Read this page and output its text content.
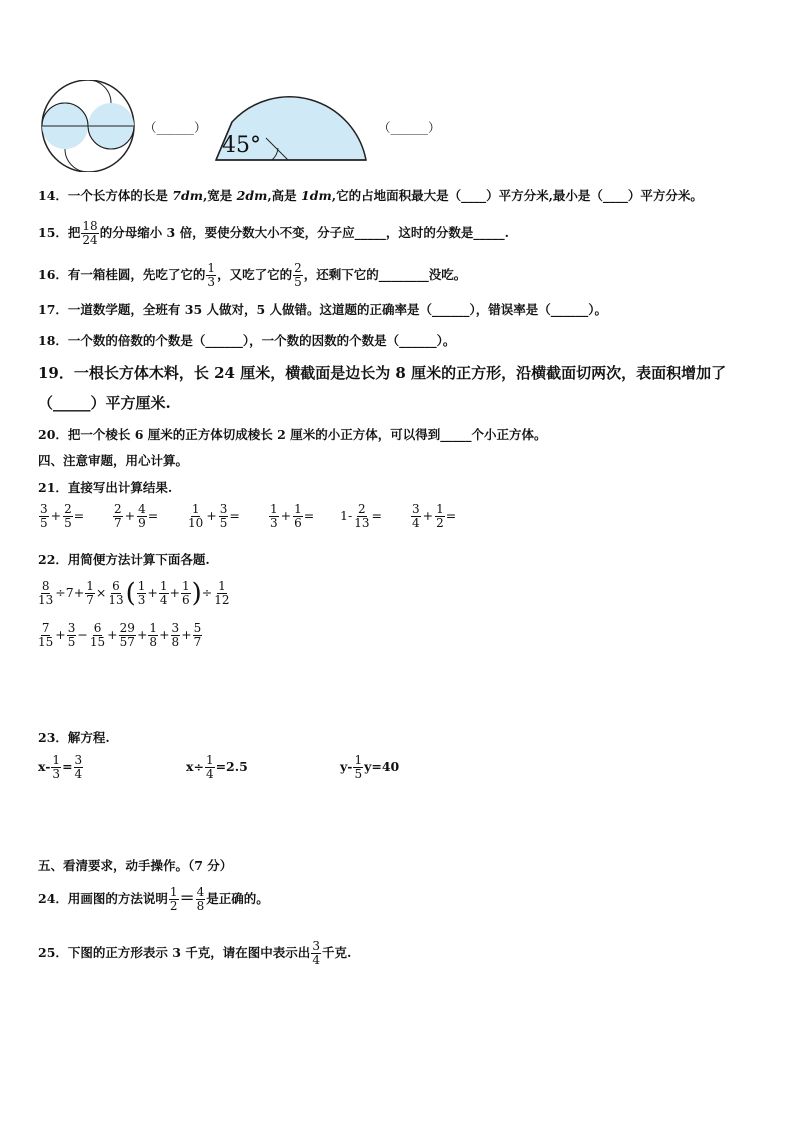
（______）
45°
（______）
14．一个长方体的长是 7dm,宽是 2dm,高是 1dm,它的占地面积最大是（____）平方分米,最小是（____）平方分米。
15．把 $\frac{18}{24}$ 的分母缩小 3 倍，要使分数大小不变，分子应_____，这时的分数是_____.
16．有一箱桂圆，先吃了它的 $\frac{1}{3}$ ，又吃了它的 $\frac{2}{5}$ ，还剩下它的________没吃。
17．一道数学题，全班有 35 人做对，5 人做错。这道题的正确率是（______），错误率是（______）。
18．一个数的倍数的个数是（______），一个数的因数的个数是（______）。
19．一根长方体木料，长 24 厘米，横截面是边长为 8 厘米的正方形，沿横截面切两次，表面积增加了
（_____）平方厘米.
20．把一个棱长 6 厘米的正方体切成棱长 2 厘米的小正方体，可以得到_____个小正方体。
四、注意审题，用心计算。
21．直接写出计算结果.
$\frac{3}{5} + \frac{2}{5} = \frac{2}{7} + \frac{4}{9} = \frac{1}{10} + \frac{3}{5} = \frac{1}{3} + \frac{1}{6} = 1- \frac{2}{13} = \frac{3}{4} + \frac{1}{2}$ =
22．用简便方法计算下面各题.
$\frac{8}{13} \div 7+ \frac{1}{7} \times \frac{6}{13}$ ( $\frac{1}{3} + \frac{1}{4} + \frac{1}{6}$ )÷ $\frac{1}{12}$
$\frac{7}{15} + \frac{3}{5} - \frac{6}{15} + \frac{29}{57} + \frac{1}{8} + \frac{3}{8} + \frac{5}{7}$
23．解方程.
$x- \frac{1}{3} = \frac{3}{4}$	$x\div \frac{1}{4} =2.5$	$y- \frac{1}{5} y=40$
五、看清要求，动手操作。（7 分）
24．用画图的方法说明 $\frac{1}{2} = \frac{4}{8}$ 是正确的。
25．下图的正方形表示 3 千克，请在图中表示出 $\frac{3}{4}$ 千克.
